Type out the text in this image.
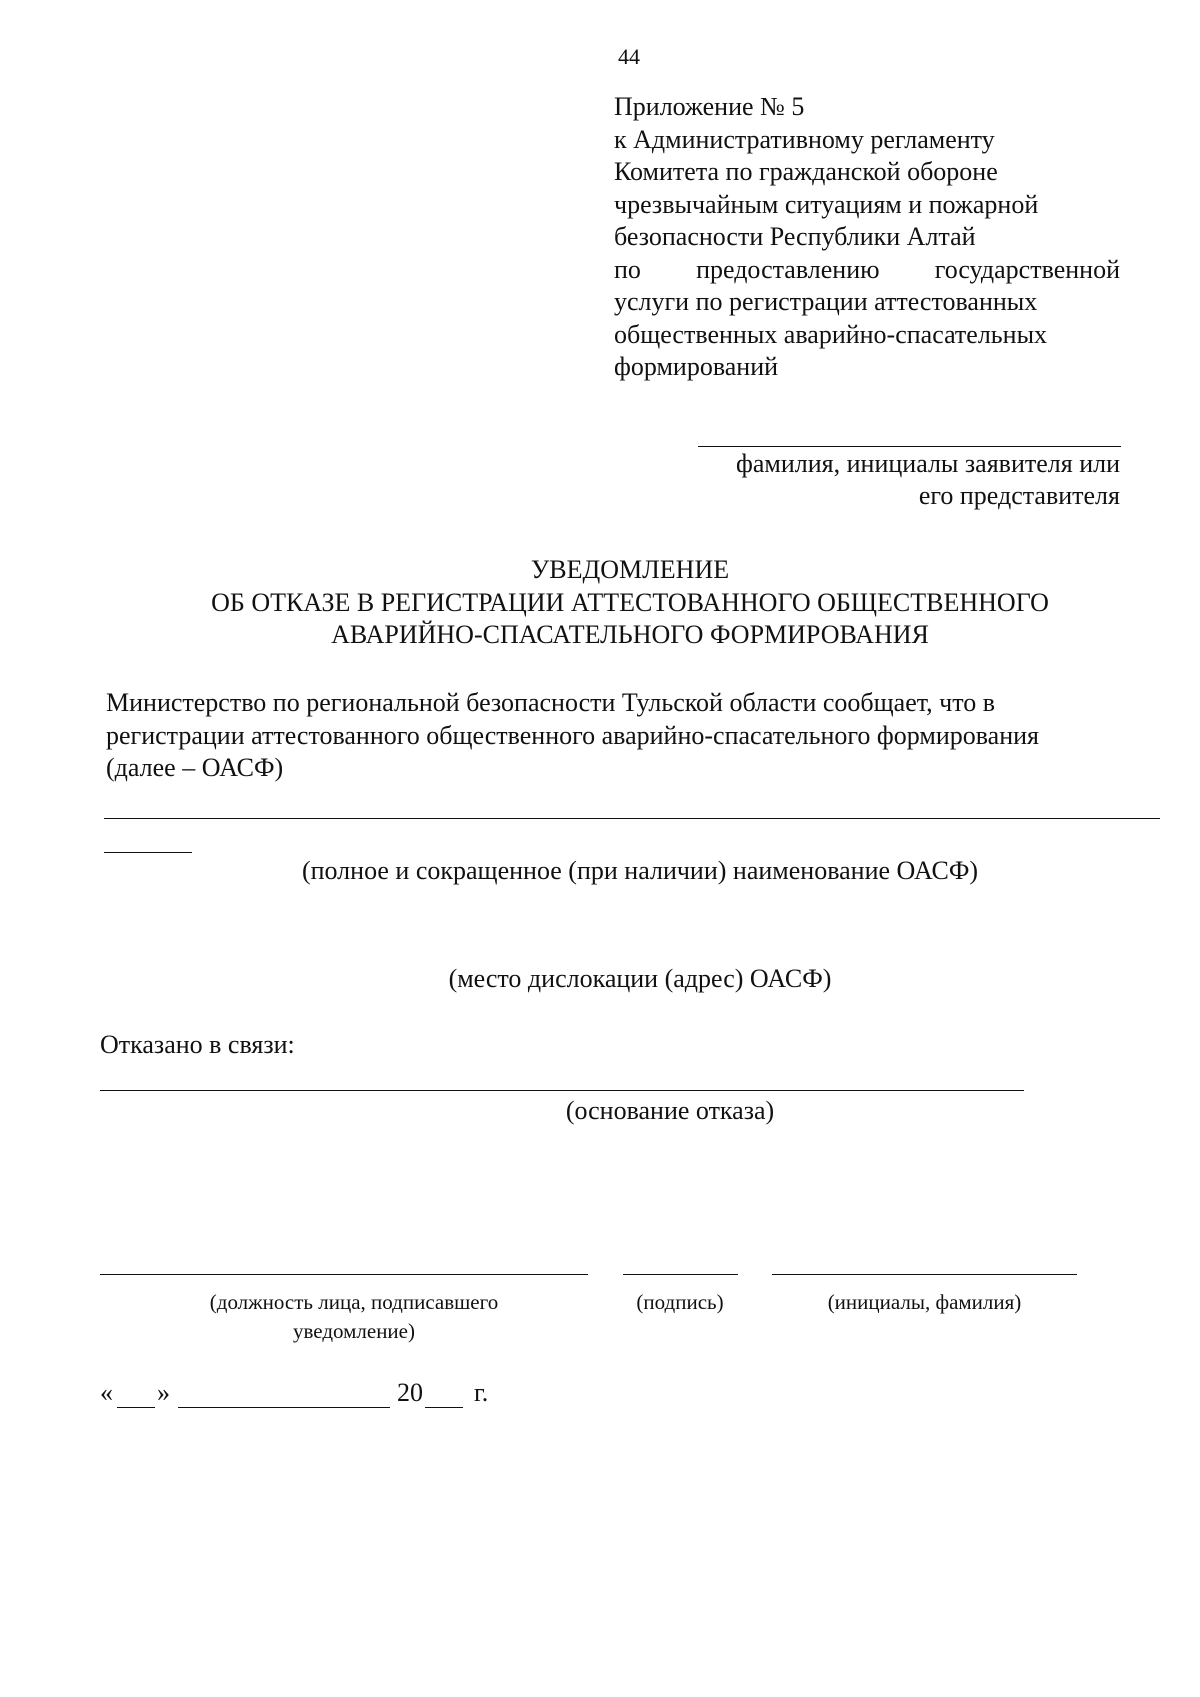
44
Приложение № 5
к Административному регламенту
Комитета по гражданской обороне
чрезвычайным ситуациям и пожарной
безопасности Республики Алтай
по предоставлению государственной
услуги по регистрации аттестованных
общественных аварийно-спасательных
формирований
фамилия, инициалы заявителя или
его представителя
УВЕДОМЛЕНИЕ
ОБ ОТКАЗЕ В РЕГИСТРАЦИИ АТТЕСТОВАННОГО ОБЩЕСТВЕННОГО
АВАРИЙНО-СПАСАТЕЛЬНОГО ФОРМИРОВАНИЯ
Министерство по региональной безопасности Тульской области сообщает, что в
регистрации аттестованного общественного аварийно-спасательного формирования
(далее – ОАСФ)
(полное и сокращенное (при наличии) наименование ОАСФ)
(место дислокации (адрес) ОАСФ)
Отказано в связи:
(основание отказа)
(должность лица, подписавшего
уведомление)
(подпись)	(инициалы, фамилия)
« »	20 г.
